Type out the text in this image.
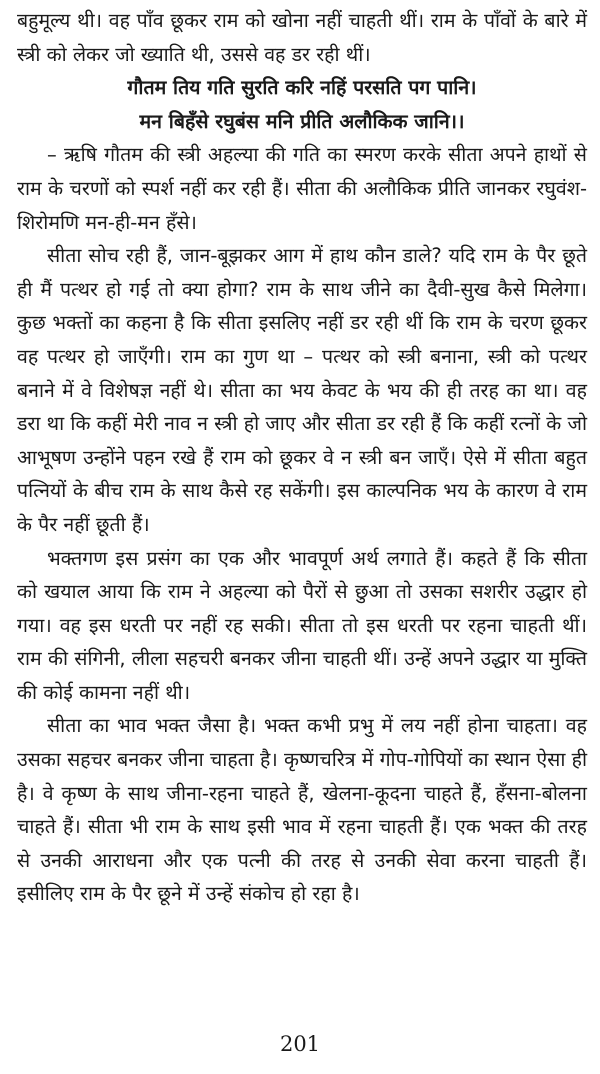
बहुमूल्य थी। वह पाँव छूकर राम को खोना नहीं चाहती थीं। राम के पाँवों के बारे में स्त्री को लेकर जो ख्याति थी, उससे वह डर रही थीं।

गौतम तिय गति सुरति करि नहिं परसति पग पानि।

मन बिहँसे रघुबंस मनि प्रीति अलौकिक जानि।।

– ऋषि गौतम की स्त्री अहल्या की गति का स्मरण करके सीता अपने हाथों से राम के चरणों को स्पर्श नहीं कर रही हैं। सीता की अलौकिक प्रीति जानकर रघुवंश-शिरोमणि मन-ही-मन हँसे।

सीता सोच रही हैं, जान-बूझकर आग में हाथ कौन डाले? यदि राम के पैर छूते ही मैं पत्थर हो गई तो क्या होगा? राम के साथ जीने का दैवी-सुख कैसे मिलेगा। कुछ भक्तों का कहना है कि सीता इसलिए नहीं डर रही थीं कि राम के चरण छूकर वह पत्थर हो जाएँगी। राम का गुण था – पत्थर को स्त्री बनाना, स्त्री को पत्थर बनाने में वे विशेषज्ञ नहीं थे। सीता का भय केवट के भय की ही तरह का था। वह डरा था कि कहीं मेरी नाव न स्त्री हो जाए और सीता डर रही हैं कि कहीं रत्नों के जो आभूषण उन्होंने पहन रखे हैं राम को छूकर वे न स्त्री बन जाएँ। ऐसे में सीता बहुत पत्नियों के बीच राम के साथ कैसे रह सकेंगी। इस काल्पनिक भय के कारण वे राम के पैर नहीं छूती हैं।

भक्तगण इस प्रसंग का एक और भावपूर्ण अर्थ लगाते हैं। कहते हैं कि सीता को खयाल आया कि राम ने अहल्या को पैरों से छुआ तो उसका सशरीर उद्धार हो गया। वह इस धरती पर नहीं रह सकी। सीता तो इस धरती पर रहना चाहती थीं। राम की संगिनी, लीला सहचरी बनकर जीना चाहती थीं। उन्हें अपने उद्धार या मुक्ति की कोई कामना नहीं थी।

सीता का भाव भक्त जैसा है। भक्त कभी प्रभु में लय नहीं होना चाहता। वह उसका सहचर बनकर जीना चाहता है। कृष्णचरित्र में गोप-गोपियों का स्थान ऐसा ही है। वे कृष्ण के साथ जीना-रहना चाहते हैं, खेलना-कूदना चाहते हैं, हँसना-बोलना चाहते हैं। सीता भी राम के साथ इसी भाव में रहना चाहती हैं। एक भक्त की तरह से उनकी आराधना और एक पत्नी की तरह से उनकी सेवा करना चाहती हैं। इसीलिए राम के पैर छूने में उन्हें संकोच हो रहा है।

201
